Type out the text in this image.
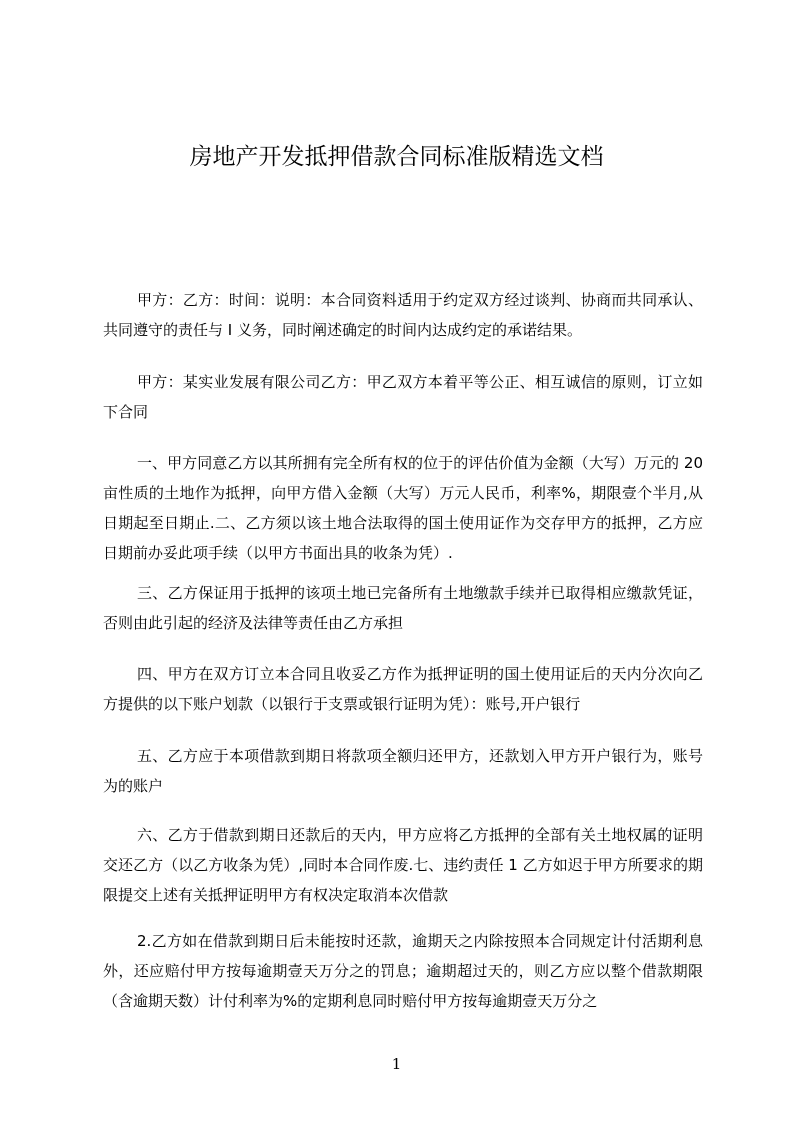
房地产开发抵押借款合同标准版精选文档

甲方：乙方：时间：说明：本合同资料适用于约定双方经过谈判、协商而共同承认、共同遵守的责任与 I 义务，同时阐述确定的时间内达成约定的承诺结果。

甲方：某实业发展有限公司乙方：甲乙双方本着平等公正、相互诚信的原则，订立如下合同

一、甲方同意乙方以其所拥有完全所有权的位于的评估价值为金额（大写）万元的 20 亩性质的土地作为抵押，向甲方借入金额（大写）万元人民币，利率%，期限壹个半月,从日期起至日期止.二、乙方须以该土地合法取得的国土使用证作为交存甲方的抵押，乙方应日期前办妥此项手续（以甲方书面出具的收条为凭）.

三、乙方保证用于抵押的该项土地已完备所有土地缴款手续并已取得相应缴款凭证，否则由此引起的经济及法律等责任由乙方承担

四、甲方在双方订立本合同且收妥乙方作为抵押证明的国土使用证后的天内分次向乙方提供的以下账户划款（以银行于支票或银行证明为凭）：账号,开户银行

五、乙方应于本项借款到期日将款项全额归还甲方，还款划入甲方开户银行为，账号为的账户

六、乙方于借款到期日还款后的天内，甲方应将乙方抵押的全部有关土地权属的证明交还乙方（以乙方收条为凭）,同时本合同作废.七、违约责任 1 乙方如迟于甲方所要求的期限提交上述有关抵押证明甲方有权决定取消本次借款

2.乙方如在借款到期日后未能按时还款，逾期天之内除按照本合同规定计付活期利息外，还应赔付甲方按每逾期壹天万分之的罚息；逾期超过天的，则乙方应以整个借款期限（含逾期天数）计付利率为%的定期利息同时赔付甲方按每逾期壹天万分之

1
